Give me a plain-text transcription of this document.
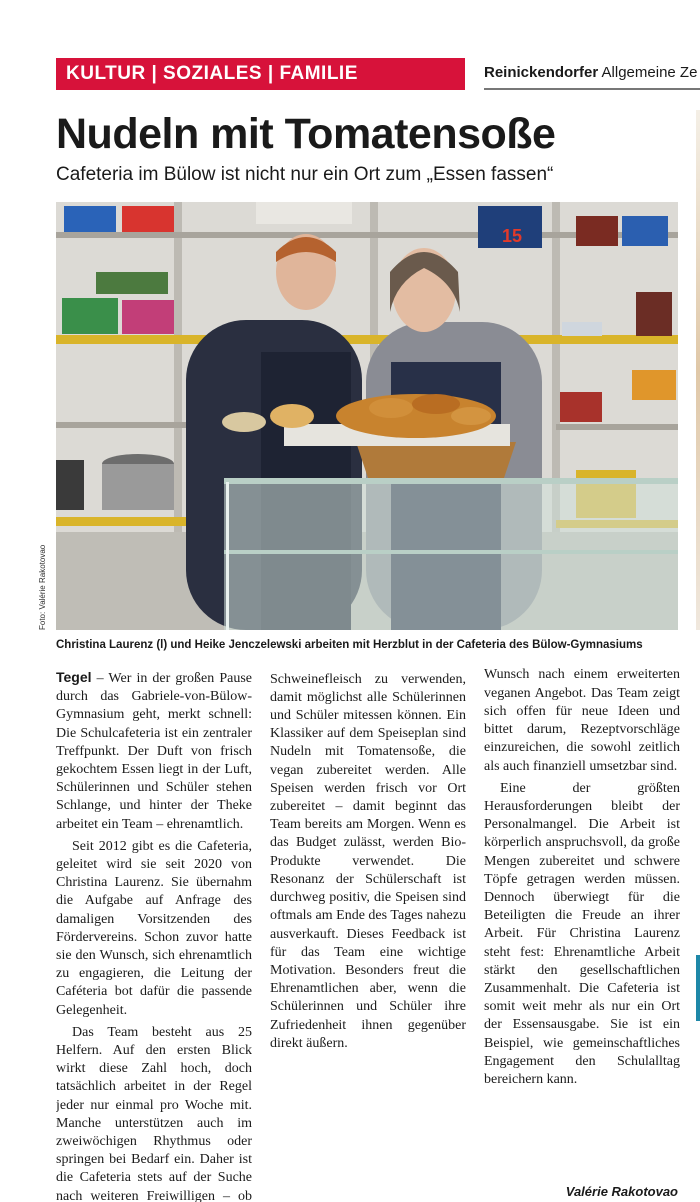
KULTUR | SOZIALES | FAMILIE	Reinickendorfer Allgemeine Ze
Nudeln mit Tomatensoße
Cafeteria im Bülow ist nicht nur ein Ort zum „Essen fassen“
15
Foto: Valérie Rakotovao
Christina Laurenz (l) und Heike Jenczelewski arbeiten mit Herzblut in der Cafeteria des Bülow-Gymnasiums

Tegel – Wer in der großen Pause durch das Gabriele-von-Bülow-Gymnasium geht, merkt schnell: Die Schulcafeteria ist ein zentraler Treffpunkt. Der Duft von frisch gekochtem Essen liegt in der Luft, Schülerinnen und Schüler stehen Schlange, und hinter der Theke arbeitet ein Team – ehrenamtlich.

Seit 2012 gibt es die Cafeteria, geleitet wird sie seit 2020 von Christina Laurenz. Sie übernahm die Aufgabe auf Anfrage des damaligen Vorsitzenden des Fördervereins. Schon zuvor hatte sie den Wunsch, sich ehrenamtlich zu engagieren, die Leitung der Caféteria bot dafür die passende Gelegenheit.

Das Team besteht aus 25 Helfern. Auf den ersten Blick wirkt diese Zahl hoch, doch tatsächlich arbeitet in der Regel jeder nur einmal pro Woche mit. Manche unterstützen auch im zweiwöchigen Rhythmus oder springen bei Bedarf ein. Daher ist die Cafeteria stets auf der Suche nach weiteren Freiwilligen – ob

Schweinefleisch zu verwenden, damit möglichst alle Schülerinnen und Schüler mitessen können. Ein Klassiker auf dem Speiseplan sind Nudeln mit Tomatensoße, die vegan zubereitet werden. Alle Speisen werden frisch vor Ort zubereitet – damit beginnt das Team bereits am Morgen. Wenn es das Budget zulässt, werden Bio-Produkte verwendet. Die Resonanz der Schülerschaft ist durchweg positiv, die Speisen sind oftmals am Ende des Tages nahezu ausverkauft. Dieses Feedback ist für das Team eine wichtige Motivation. Besonders freut die Ehrenamtlichen aber, wenn die Schülerinnen und Schüler ihre Zufriedenheit ihnen gegenüber direkt äußern.

Wunsch nach einem erweiterten veganen Angebot. Das Team zeigt sich offen für neue Ideen und bittet darum, Rezeptvorschläge einzureichen, die sowohl zeitlich als auch finanziell umsetzbar sind.

Eine der größten Herausforderungen bleibt der Personalmangel. Die Arbeit ist körperlich anspruchsvoll, da große Mengen zubereitet und schwere Töpfe getragen werden müssen. Dennoch überwiegt für die Beteiligten die Freude an ihrer Arbeit. Für Christina Laurenz steht fest: Ehrenamtliche Arbeit stärkt den gesellschaftlichen Zusammenhalt. Die Cafeteria ist somit weit mehr als nur ein Ort der Essensausgabe. Sie ist ein Beispiel, wie gemeinschaftliches Engagement den Schulalltag bereichern kann.

Valérie Rakotovao
